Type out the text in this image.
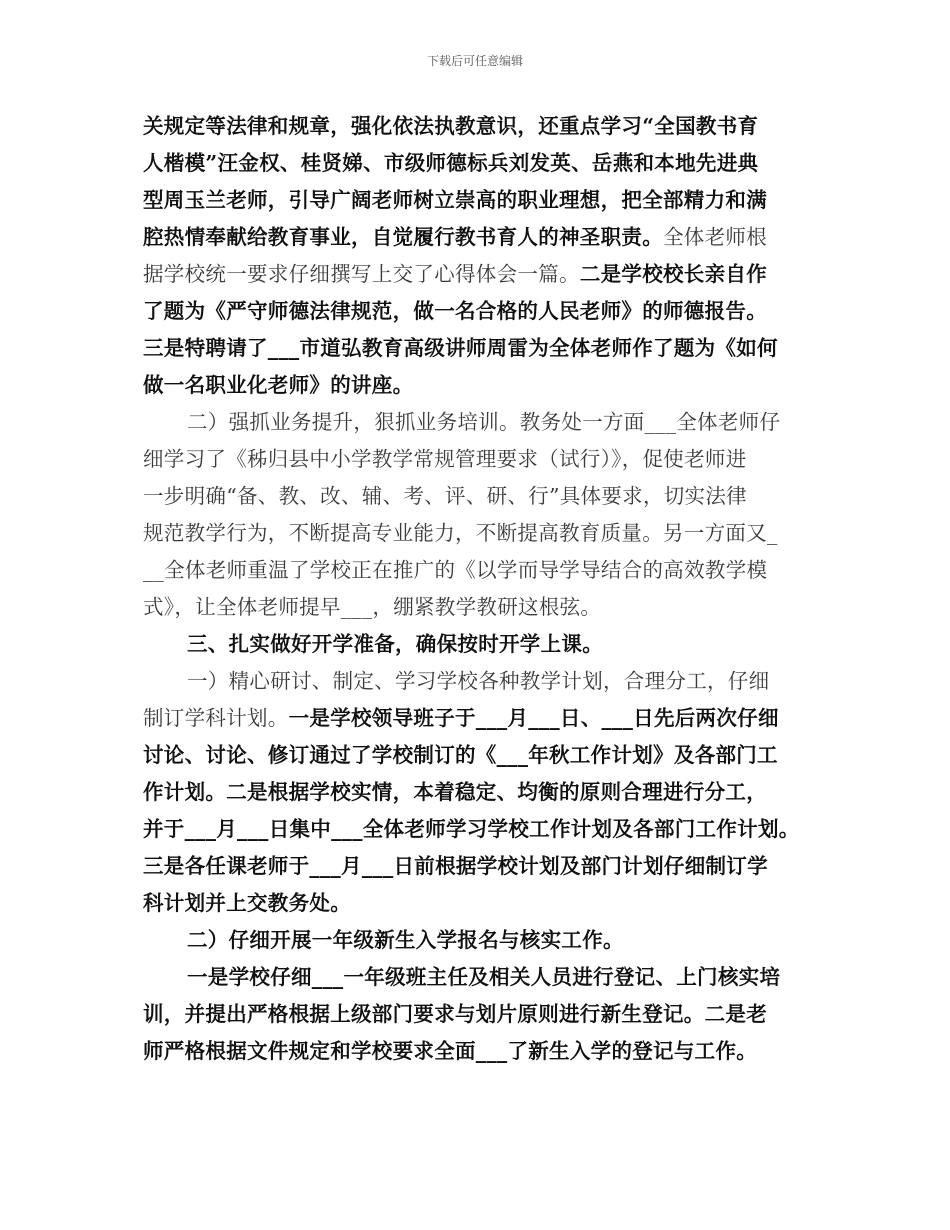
下载后可任意编辑
关规定等法律和规章，强化依法执教意识，还重点学习“全国教书育
人楷模”汪金权、桂贤娣、市级师德标兵刘发英、岳燕和本地先进典
型周玉兰老师，引导广阔老师树立崇高的职业理想，把全部精力和满
腔热情奉献给教育事业，自觉履行教书育人的神圣职责。全体老师根
据学校统一要求仔细撰写上交了心得体会一篇。二是学校校长亲自作
了题为《严守师德法律规范，做一名合格的人民老师》的师德报告。
三是特聘请了___市道弘教育高级讲师周雷为全体老师作了题为《如何
做一名职业化老师》的讲座。
二）强抓业务提升，狠抓业务培训。教务处一方面___全体老师仔
细学习了《秭归县中小学教学常规管理要求（试行）》，促使老师进
一步明确“备、教、改、辅、考、评、研、行”具体要求，切实法律
规范教学行为，不断提高专业能力，不断提高教育质量。另一方面又_
__全体老师重温了学校正在推广的《以学而导学导结合的高效教学模
式》，让全体老师提早___，绷紧教学教研这根弦。
三、扎实做好开学准备，确保按时开学上课。
一）精心研讨、制定、学习学校各种教学计划，合理分工，仔细
制订学科计划。一是学校领导班子于___月___日、___日先后两次仔细
讨论、讨论、修订通过了学校制订的《___年秋工作计划》及各部门工
作计划。二是根据学校实情，本着稳定、均衡的原则合理进行分工，
并于___月___日集中___全体老师学习学校工作计划及各部门工作计划。
三是各任课老师于___月___日前根据学校计划及部门计划仔细制订学
科计划并上交教务处。
二）仔细开展一年级新生入学报名与核实工作。
一是学校仔细___一年级班主任及相关人员进行登记、上门核实培
训，并提出严格根据上级部门要求与划片原则进行新生登记。二是老
师严格根据文件规定和学校要求全面___了新生入学的登记与工作。
